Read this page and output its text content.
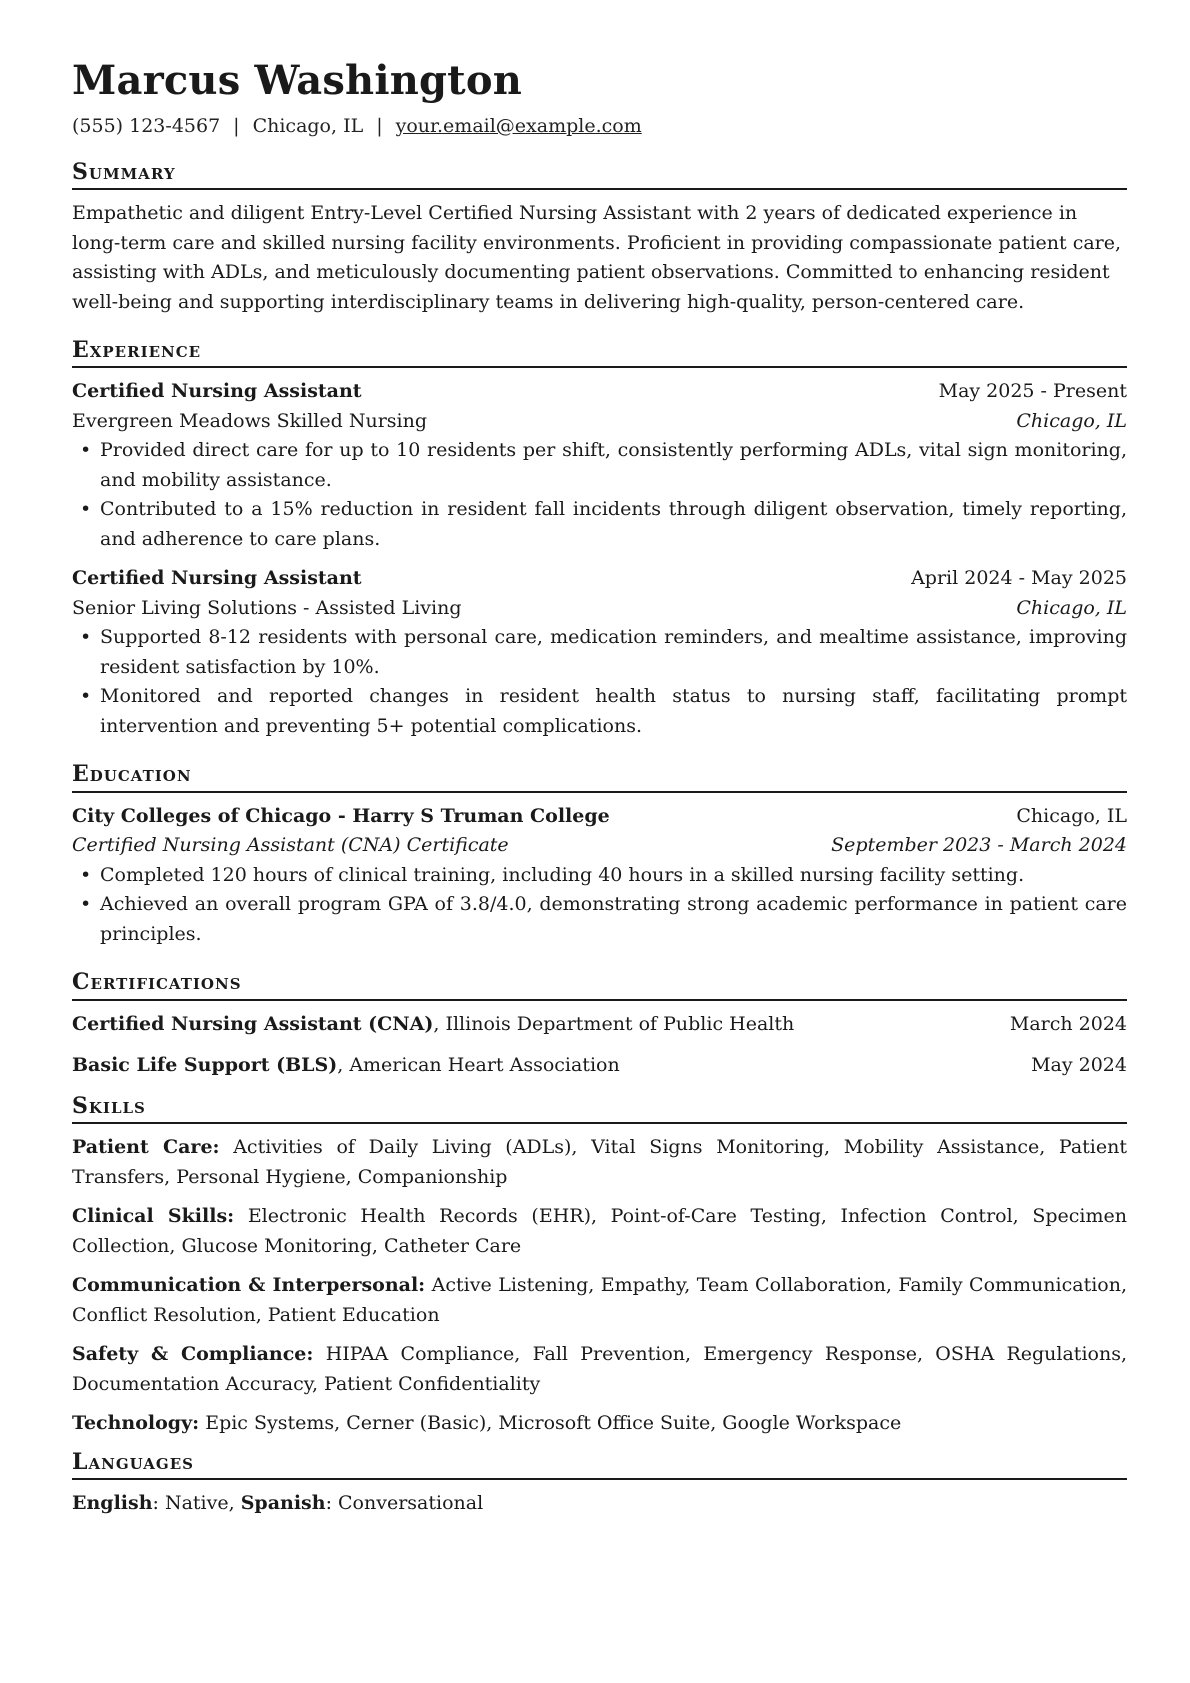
Marcus Washington
(555) 123-4567 | Chicago, IL | your.email@example.com
Summary

Empathetic and diligent Entry-Level Certified Nursing Assistant with 2 years of dedicated experience in long-term care and skilled nursing facility environments. Proficient in providing compassionate patient care, assisting with ADLs, and meticulously documenting patient observations. Committed to enhancing resident well-being and supporting interdisciplinary teams in delivering high-quality, person-centered care.

Experience
Certified Nursing Assistant	May 2025 - Present
Evergreen Meadows Skilled Nursing	Chicago, IL
• Provided direct care for up to 10 residents per shift, consistently performing ADLs, vital sign monitoring, and mobility assistance.
• Contributed to a 15% reduction in resident fall incidents through diligent observation, timely reporting, and adherence to care plans.
Certified Nursing Assistant	April 2024 - May 2025
Senior Living Solutions - Assisted Living	Chicago, IL
• Supported 8-12 residents with personal care, medication reminders, and mealtime assistance, improving resident satisfaction by 10%.
• Monitored and reported changes in resident health status to nursing staff, facilitating prompt intervention and preventing 5+ potential complications.
Education
City Colleges of Chicago - Harry S Truman College	Chicago, IL
Certified Nursing Assistant (CNA) Certificate	September 2023 - March 2024
• Completed 120 hours of clinical training, including 40 hours in a skilled nursing facility setting.
• Achieved an overall program GPA of 3.8/4.0, demonstrating strong academic performance in patient care principles.
Certifications
Certified Nursing Assistant (CNA), Illinois Department of Public Health	March 2024
Basic Life Support (BLS), American Heart Association	May 2024
Skills
Patient Care: Activities of Daily Living (ADLs), Vital Signs Monitoring, Mobility Assistance, Patient Transfers, Personal Hygiene, Companionship
Clinical Skills: Electronic Health Records (EHR), Point-of-Care Testing, Infection Control, Specimen Collection, Glucose Monitoring, Catheter Care
Communication & Interpersonal: Active Listening, Empathy, Team Collaboration, Family Communication, Conflict Resolution, Patient Education
Safety & Compliance: HIPAA Compliance, Fall Prevention, Emergency Response, OSHA Regulations, Documentation Accuracy, Patient Confidentiality
Technology: Epic Systems, Cerner (Basic), Microsoft Office Suite, Google Workspace
Languages
English: Native, Spanish: Conversational
